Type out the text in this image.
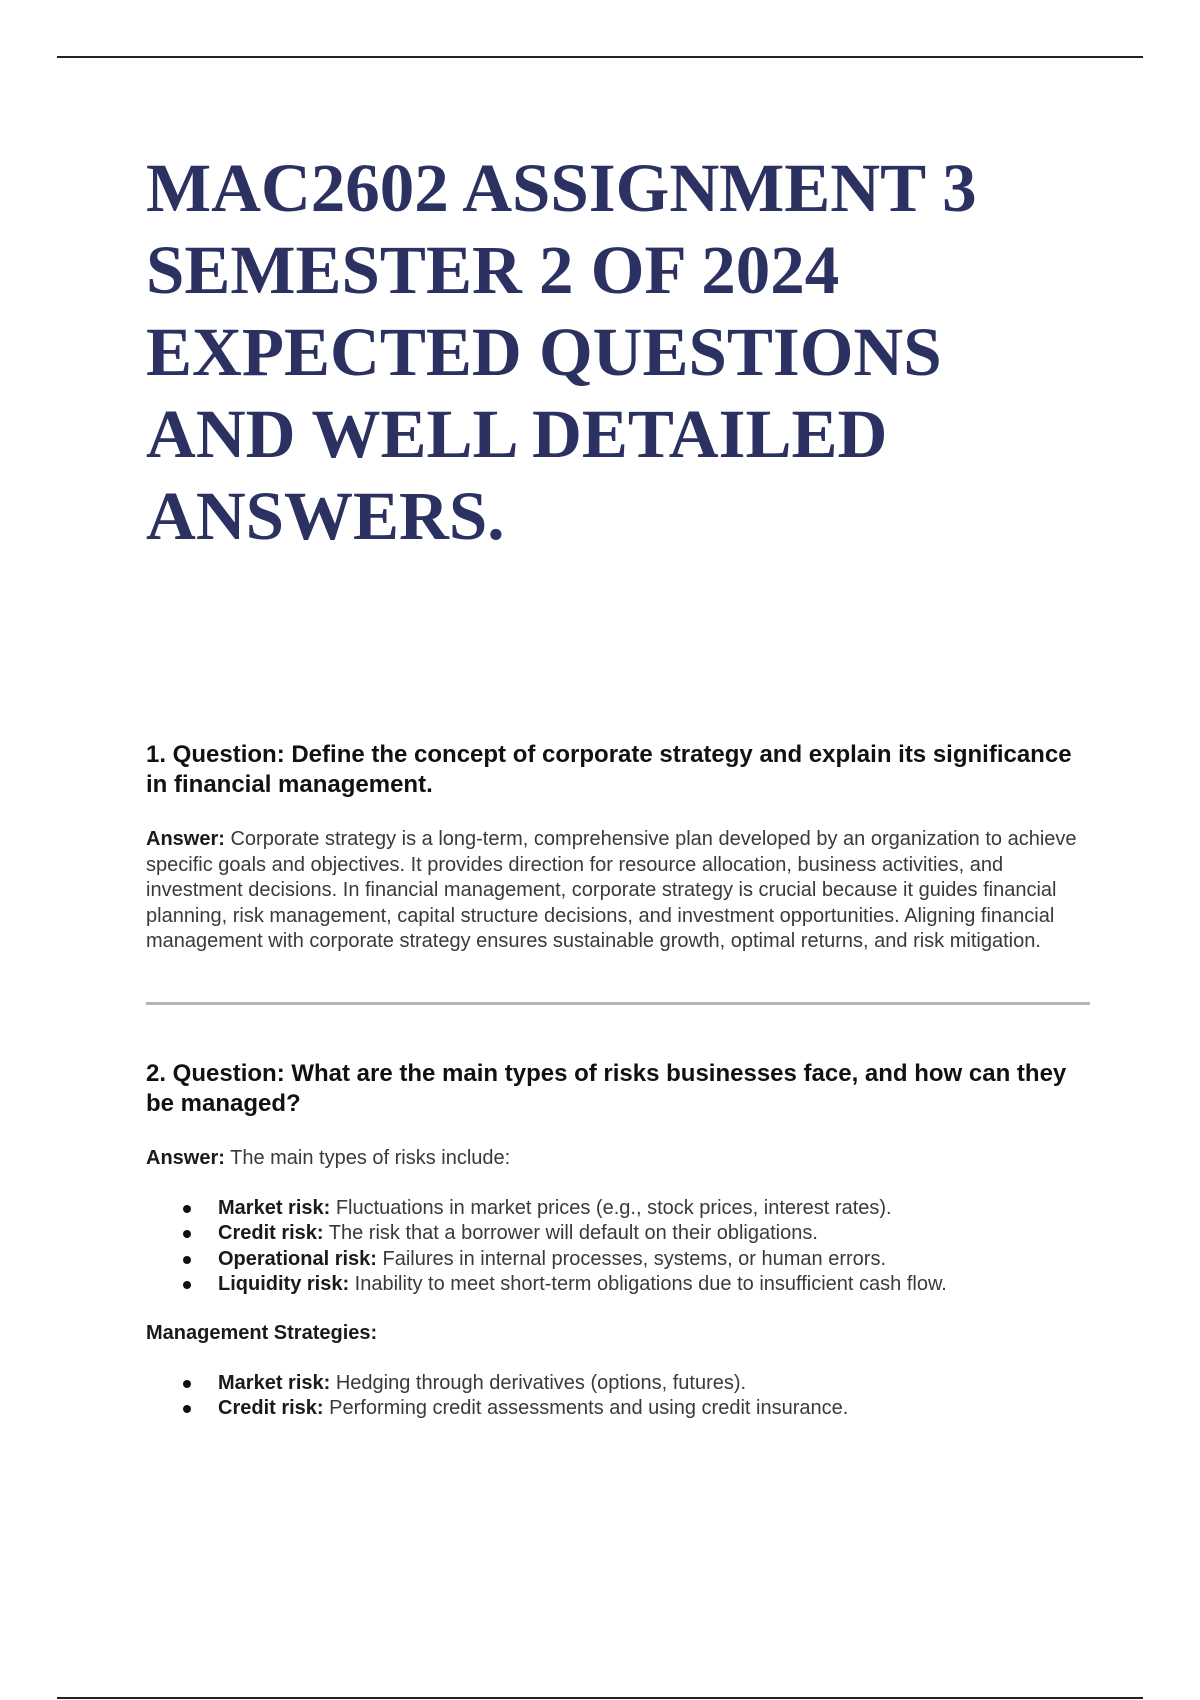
MAC2602 ASSIGNMENT 3
SEMESTER 2 OF 2024
EXPECTED QUESTIONS
AND WELL DETAILED
ANSWERS.
1. Question: Define the concept of corporate strategy and explain its significance in financial management.

Answer: Corporate strategy is a long-term, comprehensive plan developed by an organization to achieve specific goals and objectives. It provides direction for resource allocation, business activities, and investment decisions. In financial management, corporate strategy is crucial because it guides financial planning, risk management, capital structure decisions, and investment opportunities. Aligning financial management with corporate strategy ensures sustainable growth, optimal returns, and risk mitigation.

2. Question: What are the main types of risks businesses face, and how can they be managed?

Answer: The main types of risks include:

Market risk: Fluctuations in market prices (e.g., stock prices, interest rates).
Credit risk: The risk that a borrower will default on their obligations.
Operational risk: Failures in internal processes, systems, or human errors.
Liquidity risk: Inability to meet short-term obligations due to insufficient cash flow.
Management Strategies:
Market risk: Hedging through derivatives (options, futures).
Credit risk: Performing credit assessments and using credit insurance.
